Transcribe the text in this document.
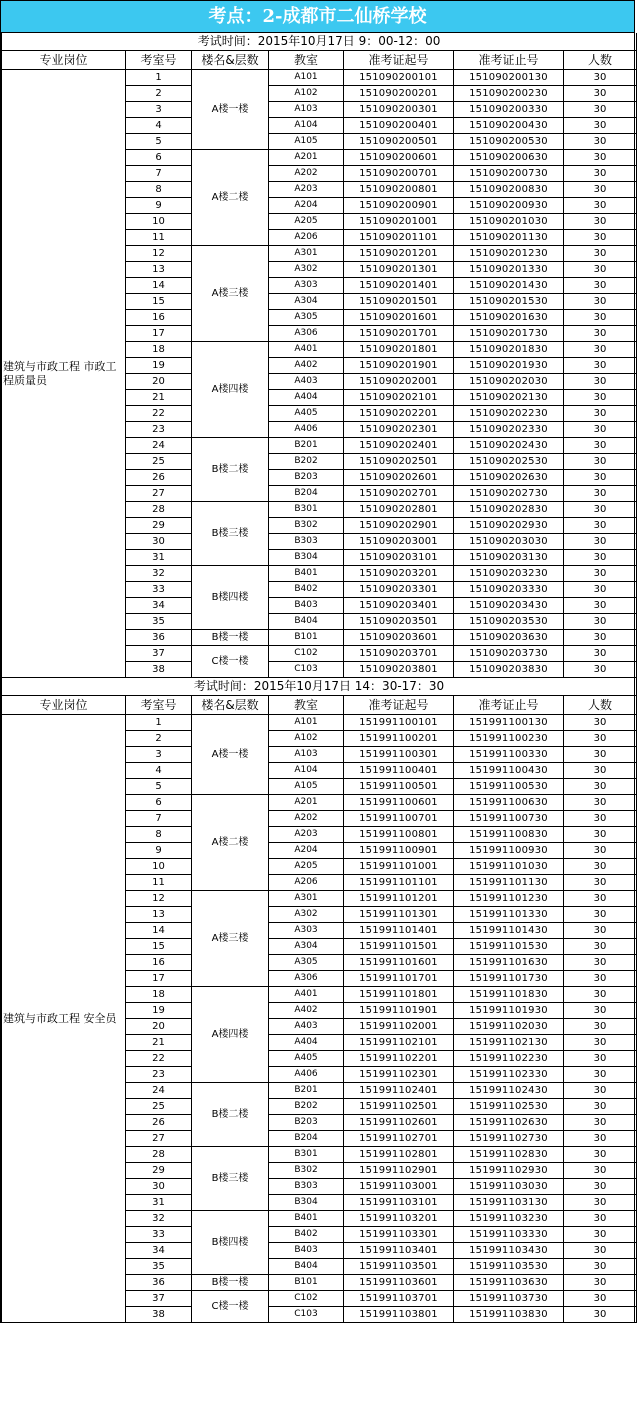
考点：2-成都市二仙桥学校
考试时间：2015年10月17日 9：00-12：00						
专业岗位	考室号	楼名&层数	教室	准考证起号	准考证止号	人数
建筑与市政工程 市政工程质量员	1	A楼一楼	A101	151090200101	151090200130	30
	2		A102	151090200201	151090200230	30
	3		A103	151090200301	151090200330	30
	4		A104	151090200401	151090200430	30
	5		A105	151090200501	151090200530	30
	6	A楼二楼	A201	151090200601	151090200630	30
	7		A202	151090200701	151090200730	30
	8		A203	151090200801	151090200830	30
	9		A204	151090200901	151090200930	30
	10		A205	151090201001	151090201030	30
	11		A206	151090201101	151090201130	30
	12	A楼三楼	A301	151090201201	151090201230	30
	13		A302	151090201301	151090201330	30
	14		A303	151090201401	151090201430	30
	15		A304	151090201501	151090201530	30
	16		A305	151090201601	151090201630	30
	17		A306	151090201701	151090201730	30
	18	A楼四楼	A401	151090201801	151090201830	30
	19		A402	151090201901	151090201930	30
	20		A403	151090202001	151090202030	30
	21		A404	151090202101	151090202130	30
	22		A405	151090202201	151090202230	30
	23		A406	151090202301	151090202330	30
	24	B楼二楼	B201	151090202401	151090202430	30
	25		B202	151090202501	151090202530	30
	26		B203	151090202601	151090202630	30
	27		B204	151090202701	151090202730	30
	28	B楼三楼	B301	151090202801	151090202830	30
	29		B302	151090202901	151090202930	30
	30		B303	151090203001	151090203030	30
	31		B304	151090203101	151090203130	30
	32	B楼四楼	B401	151090203201	151090203230	30
	33		B402	151090203301	151090203330	30
	34		B403	151090203401	151090203430	30
	35		B404	151090203501	151090203530	30
	36	B楼一楼	B101	151090203601	151090203630	30
	37	C楼一楼	C102	151090203701	151090203730	30
	38		C103	151090203801	151090203830	30
考试时间：2015年10月17日 14：30-17：30						
专业岗位	考室号	楼名&层数	教室	准考证起号	准考证止号	人数
建筑与市政工程 安全员	1	A楼一楼	A101	151991100101	151991100130	30
	2		A102	151991100201	151991100230	30
	3		A103	151991100301	151991100330	30
	4		A104	151991100401	151991100430	30
	5		A105	151991100501	151991100530	30
	6	A楼二楼	A201	151991100601	151991100630	30
	7		A202	151991100701	151991100730	30
	8		A203	151991100801	151991100830	30
	9		A204	151991100901	151991100930	30
	10		A205	151991101001	151991101030	30
	11		A206	151991101101	151991101130	30
	12	A楼三楼	A301	151991101201	151991101230	30
	13		A302	151991101301	151991101330	30
	14		A303	151991101401	151991101430	30
	15		A304	151991101501	151991101530	30
	16		A305	151991101601	151991101630	30
	17		A306	151991101701	151991101730	30
	18	A楼四楼	A401	151991101801	151991101830	30
	19		A402	151991101901	151991101930	30
	20		A403	151991102001	151991102030	30
	21		A404	151991102101	151991102130	30
	22		A405	151991102201	151991102230	30
	23		A406	151991102301	151991102330	30
	24	B楼二楼	B201	151991102401	151991102430	30
	25		B202	151991102501	151991102530	30
	26		B203	151991102601	151991102630	30
	27		B204	151991102701	151991102730	30
	28	B楼三楼	B301	151991102801	151991102830	30
	29		B302	151991102901	151991102930	30
	30		B303	151991103001	151991103030	30
	31		B304	151991103101	151991103130	30
	32	B楼四楼	B401	151991103201	151991103230	30
	33		B402	151991103301	151991103330	30
	34		B403	151991103401	151991103430	30
	35		B404	151991103501	151991103530	30
	36	B楼一楼	B101	151991103601	151991103630	30
	37	C楼一楼	C102	151991103701	151991103730	30
	38		C103	151991103801	151991103830	30
